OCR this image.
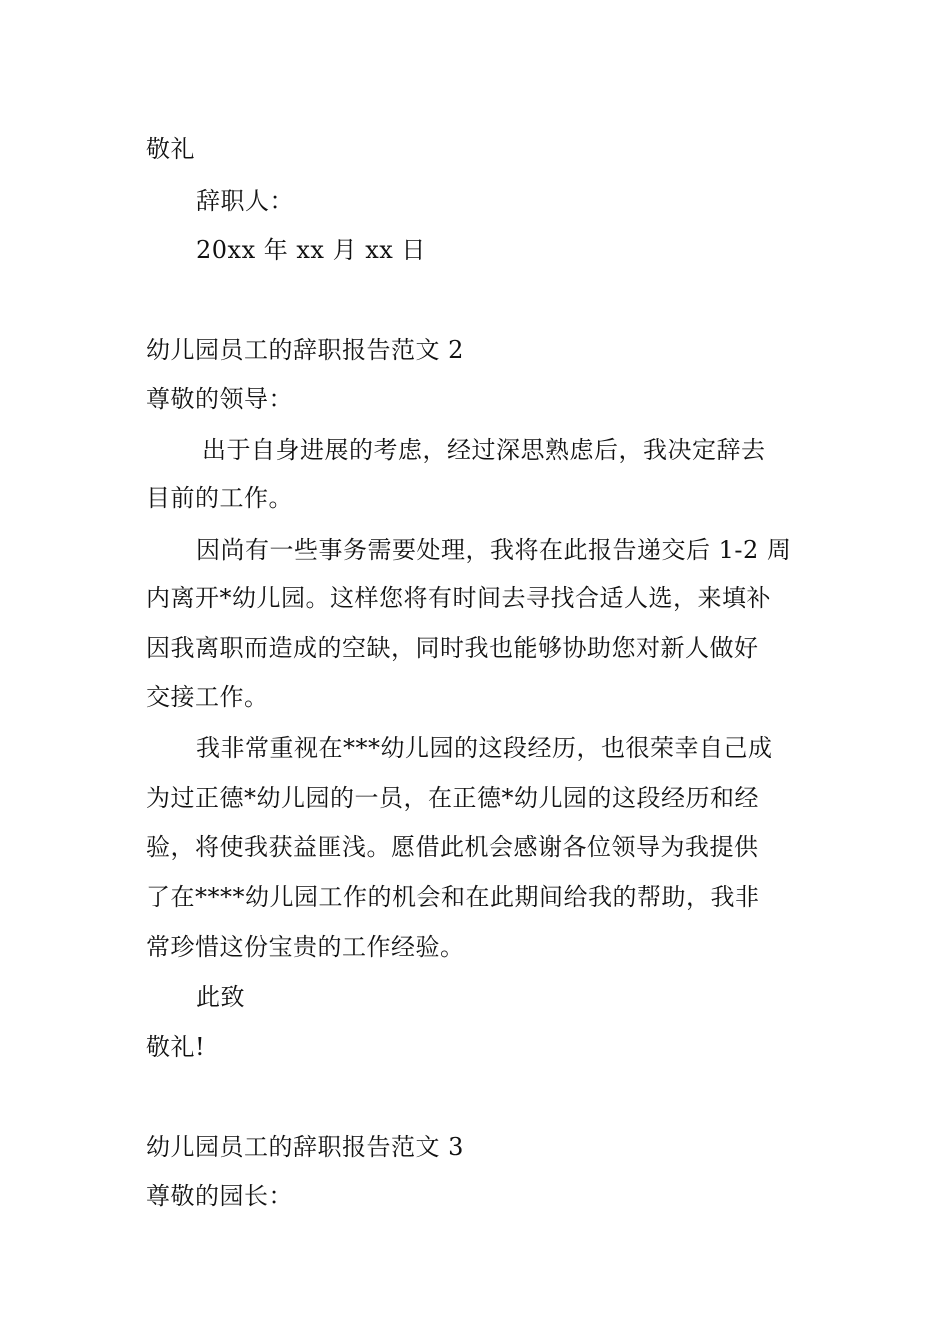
敬礼
辞职人：
20xx 年 xx 月 xx 日
幼儿园员工的辞职报告范文 2
尊敬的领导：
出于自身进展的考虑，经过深思熟虑后，我决定辞去
目前的工作。
因尚有一些事务需要处理，我将在此报告递交后 1-2 周
内离开*幼儿园。这样您将有时间去寻找合适人选，来填补
因我离职而造成的空缺，同时我也能够协助您对新人做好
交接工作。
我非常重视在***幼儿园的这段经历，也很荣幸自己成
为过正德*幼儿园的一员，在正德*幼儿园的这段经历和经
验，将使我获益匪浅。愿借此机会感谢各位领导为我提供
了在****幼儿园工作的机会和在此期间给我的帮助，我非
常珍惜这份宝贵的工作经验。
此致
敬礼!
幼儿园员工的辞职报告范文 3
尊敬的园长：
